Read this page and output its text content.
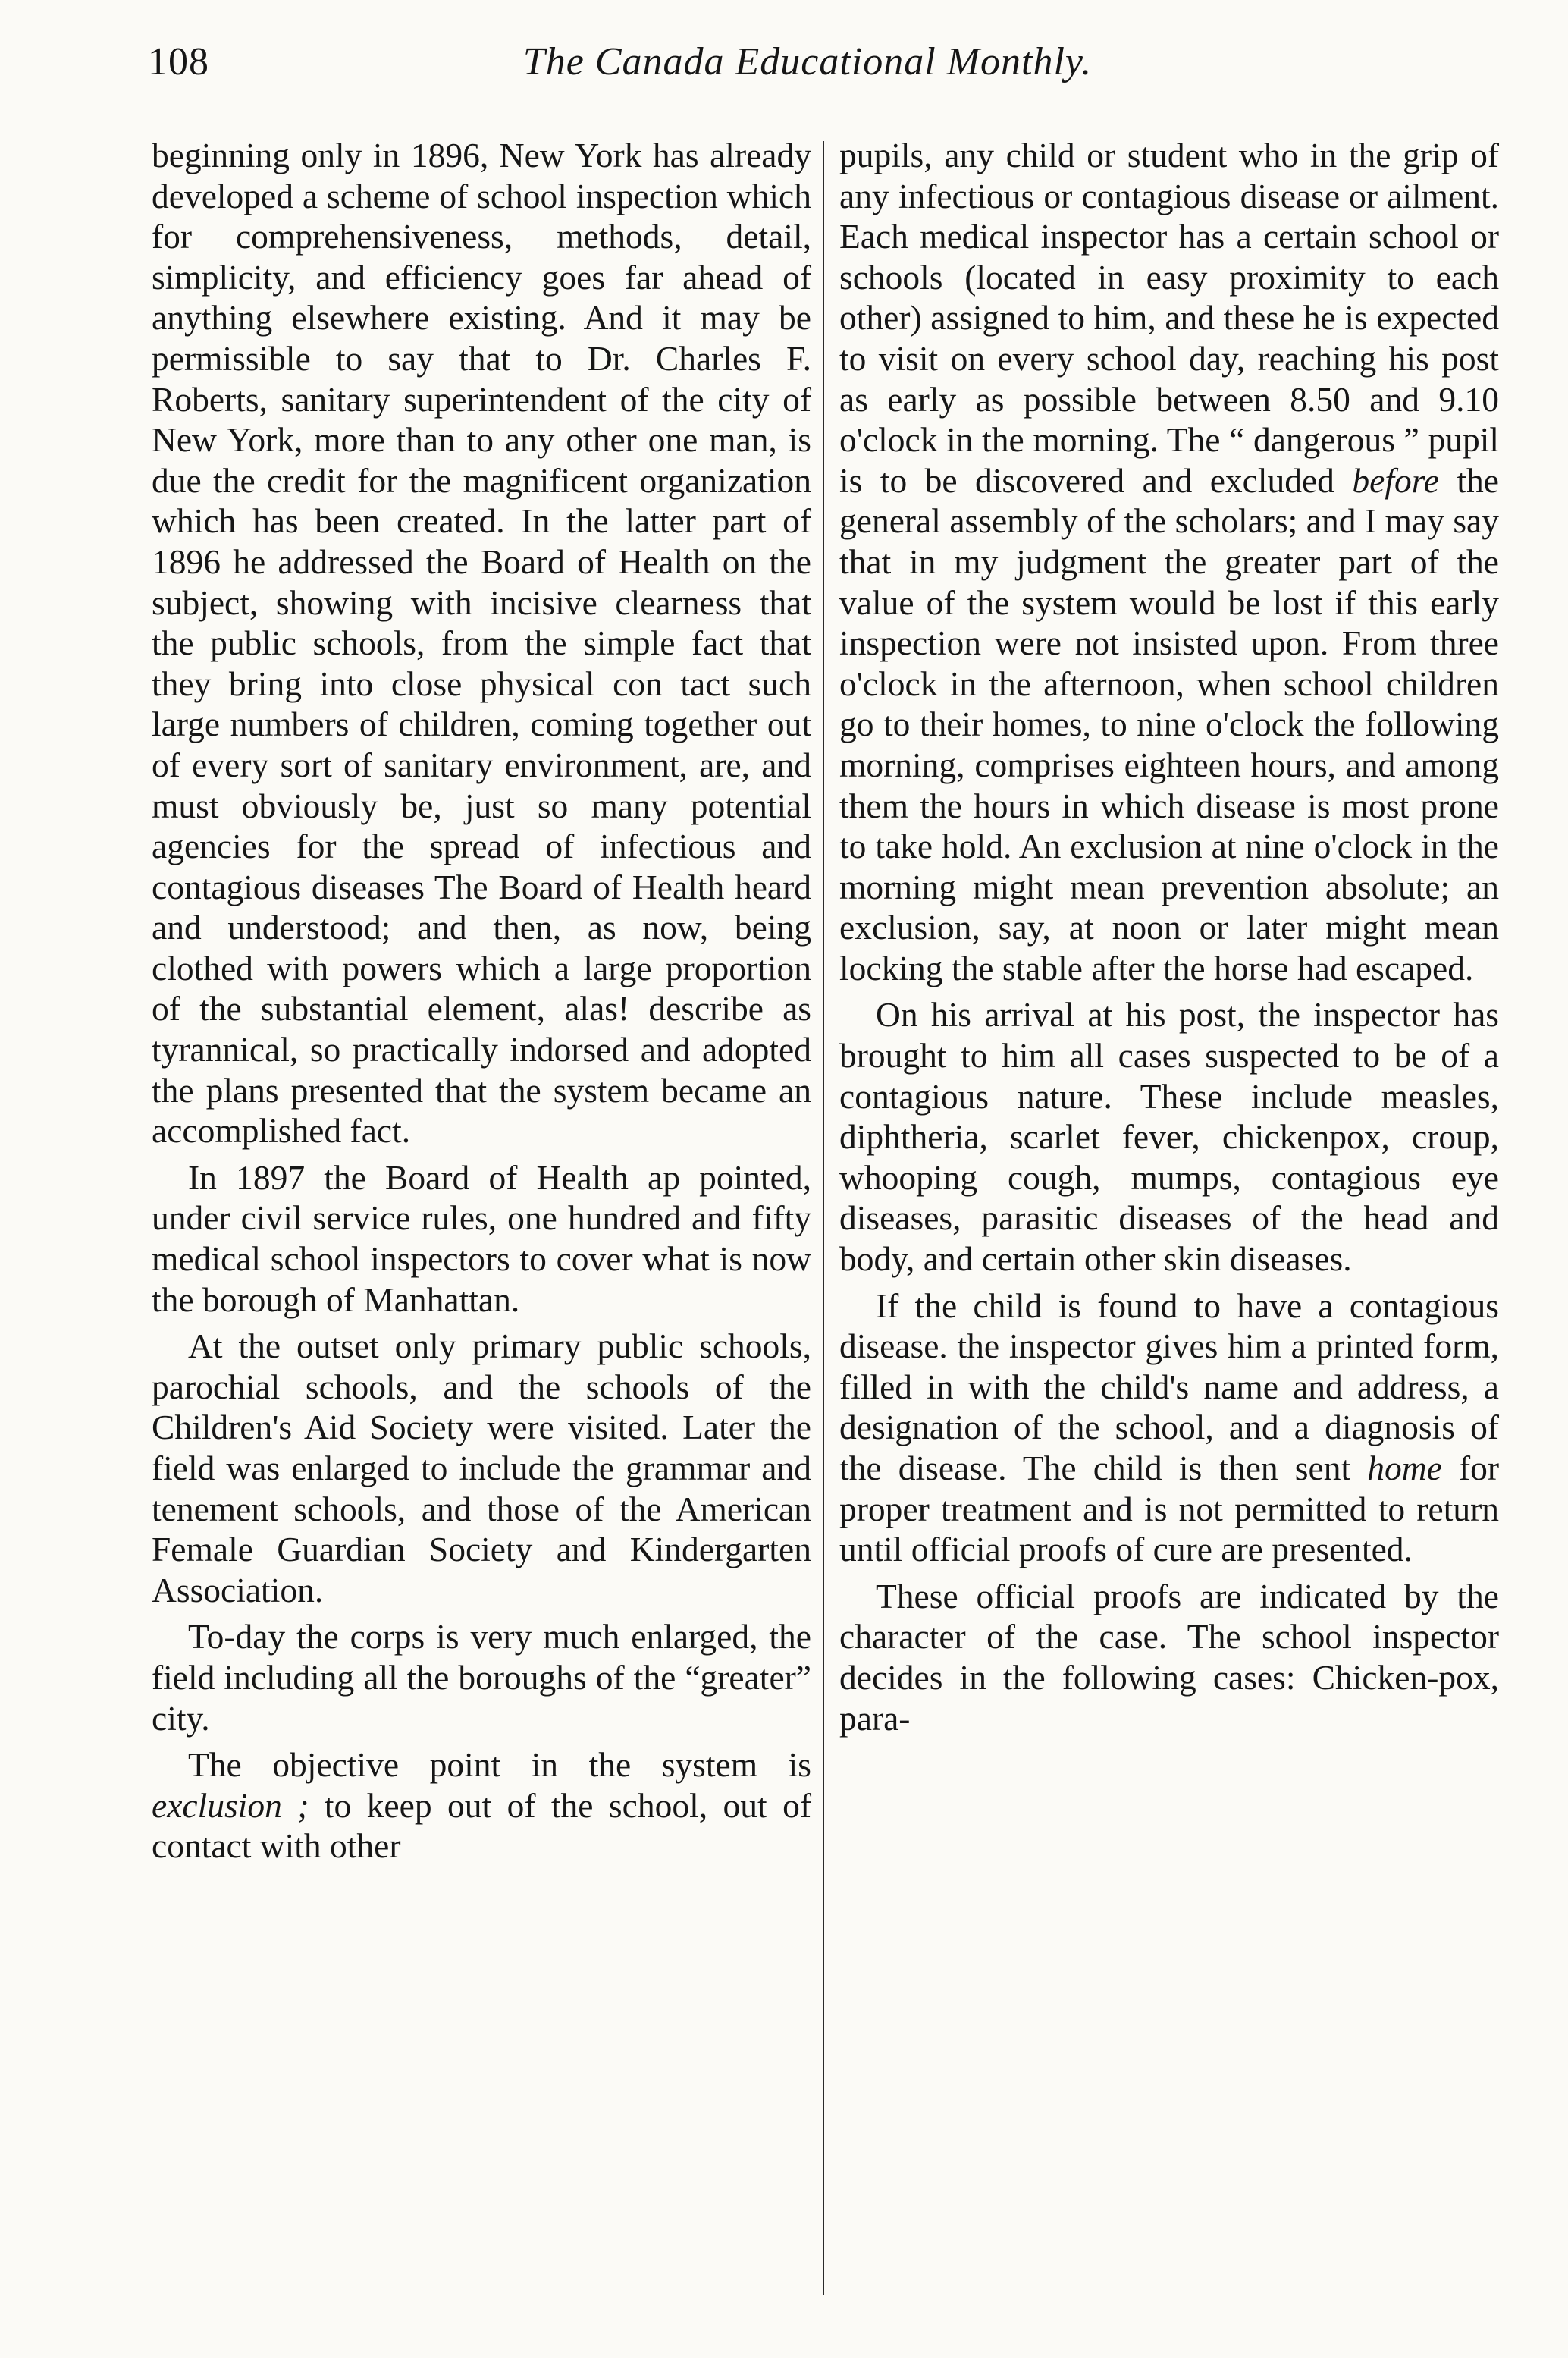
108	The Canada Educational Monthly.

beginning only in 1896, New York has already developed a scheme of school inspection which for comprehensiveness, methods, detail, simplicity, and efficiency goes far ahead of anything elsewhere existing. And it may be permissible to say that to Dr. Charles F. Roberts, sanitary superintendent of the city of New York, more than to any other one man, is due the credit for the magnificent organization which has been created. In the latter part of 1896 he addressed the Board of Health on the subject, showing with incisive clearness that the public schools, from the simple fact that they bring into close physical con tact such large numbers of children, coming together out of every sort of sanitary environment, are, and must obviously be, just so many potential agencies for the spread of infectious and contagious diseases The Board of Health heard and understood; and then, as now, being clothed with powers which a large proportion of the substantial element, alas! describe as tyrannical, so practically indorsed and adopted the plans presented that the system became an accomplished fact.

In 1897 the Board of Health ap pointed, under civil service rules, one hundred and fifty medical school inspectors to cover what is now the borough of Manhattan.

At the outset only primary public schools, parochial schools, and the schools of the Children's Aid Society were visited. Later the field was enlarged to include the grammar and tenement schools, and those of the American Female Guardian Society and Kindergarten Association.

To-day the corps is very much enlarged, the field including all the boroughs of the “greater” city.

The objective point in the system is exclusion ; to keep out of the school, out of contact with other

pupils, any child or student who in the grip of any infectious or contagious disease or ailment. Each medical inspector has a certain school or schools (located in easy proximity to each other) assigned to him, and these he is expected to visit on every school day, reaching his post as early as possible between 8.50 and 9.10 o'clock in the morning. The “ dangerous ” pupil is to be discovered and excluded before the general assembly of the scholars; and I may say that in my judgment the greater part of the value of the system would be lost if this early inspection were not insisted upon. From three o'clock in the afternoon, when school children go to their homes, to nine o'clock the following morning, comprises eighteen hours, and among them the hours in which disease is most prone to take hold. An exclusion at nine o'clock in the morning might mean prevention absolute; an exclusion, say, at noon or later might mean locking the stable after the horse had escaped.

On his arrival at his post, the inspector has brought to him all cases suspected to be of a contagious nature. These include measles, diphtheria, scarlet fever, chickenpox, croup, whooping cough, mumps, contagious eye diseases, parasitic diseases of the head and body, and certain other skin diseases.

If the child is found to have a contagious disease. the inspector gives him a printed form, filled in with the child's name and address, a designation of the school, and a diagnosis of the disease. The child is then sent home for proper treatment and is not permitted to return until official proofs of cure are presented.

These official proofs are indicated by the character of the case. The school inspector decides in the following cases: Chicken-pox, para-
